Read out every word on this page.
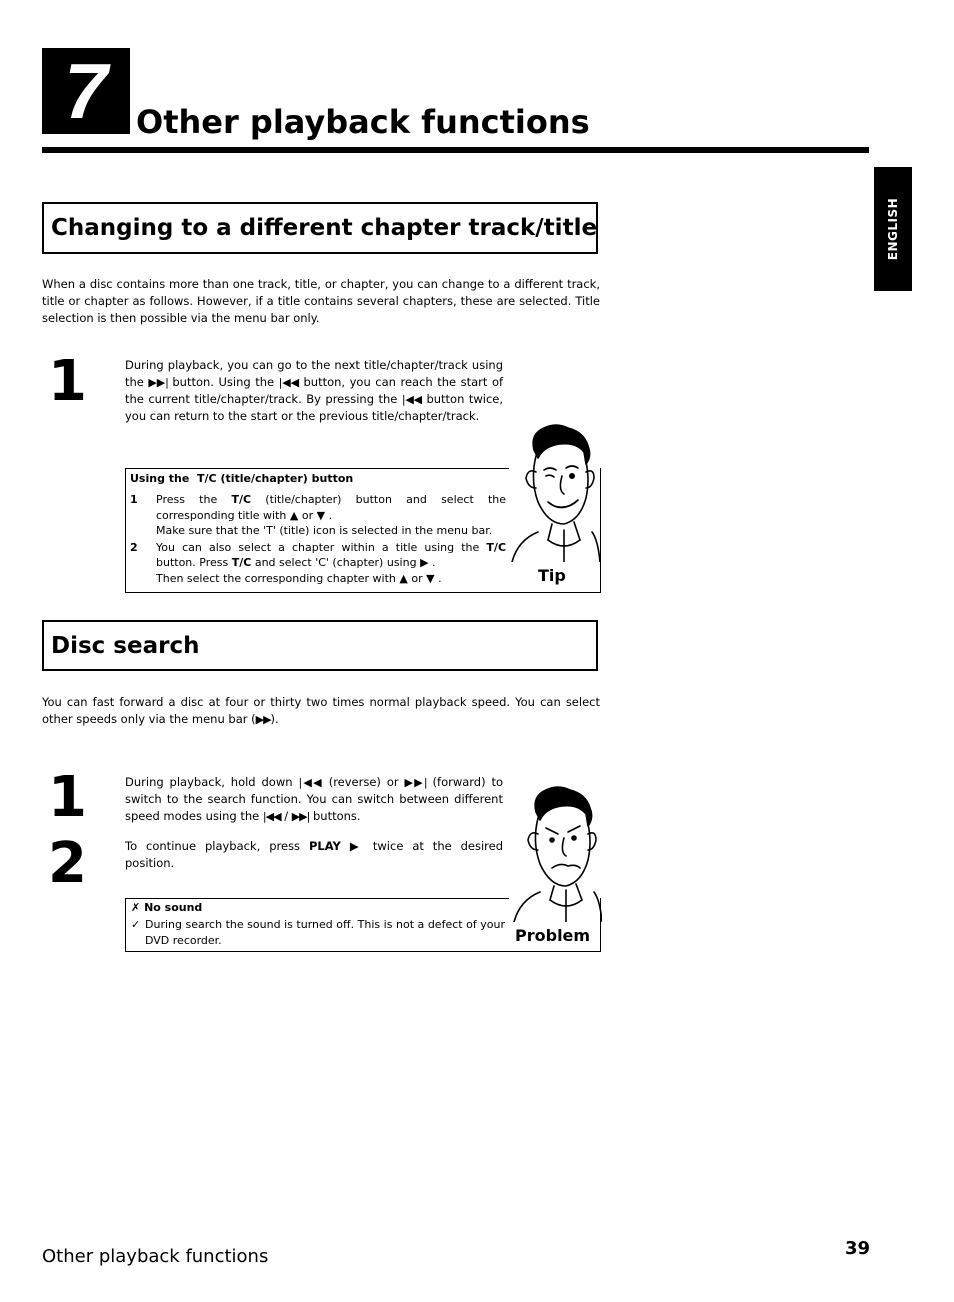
7 Other playback functions
ENGLISH
Changing to a different chapter track/title
When a disc contains more than one track, title, or chapter, you can change to a different track, title or chapter as follows. However, if a title contains several chapters, these are selected. Title selection is then possible via the menu bar only.
1	During playback, you can go to the next title/chapter/track using the ▶▶| button. Using the |◀◀ button, you can reach the start of the current title/chapter/track. By pressing the |◀◀ button twice, you can return to the start or the previous title/chapter/track.
Using the T/C (title/chapter) button
1	Press the T/C (title/chapter) button and select the corresponding title with ▲ or ▼ .
Make sure that the 'T' (title) icon is selected in the menu bar.
2	You can also select a chapter within a title using the T/C button. Press T/C and select 'C' (chapter) using ▶ .
Then select the corresponding chapter with ▲ or ▼ .	Tip
Disc search
You can fast forward a disc at four or thirty two times normal playback speed. You can select other speeds only via the menu bar (▶▶).
1
2
During playback, hold down |◀◀ (reverse) or ▶▶| (forward) to switch to the search function. You can switch between different speed modes using the |◀◀ / ▶▶| buttons.
To continue playback, press PLAY ▶ twice at the desired position.
✗ No sound
✓ During search the sound is turned off. This is not a defect of your DVD recorder.	Problem
Other playback functions	39
